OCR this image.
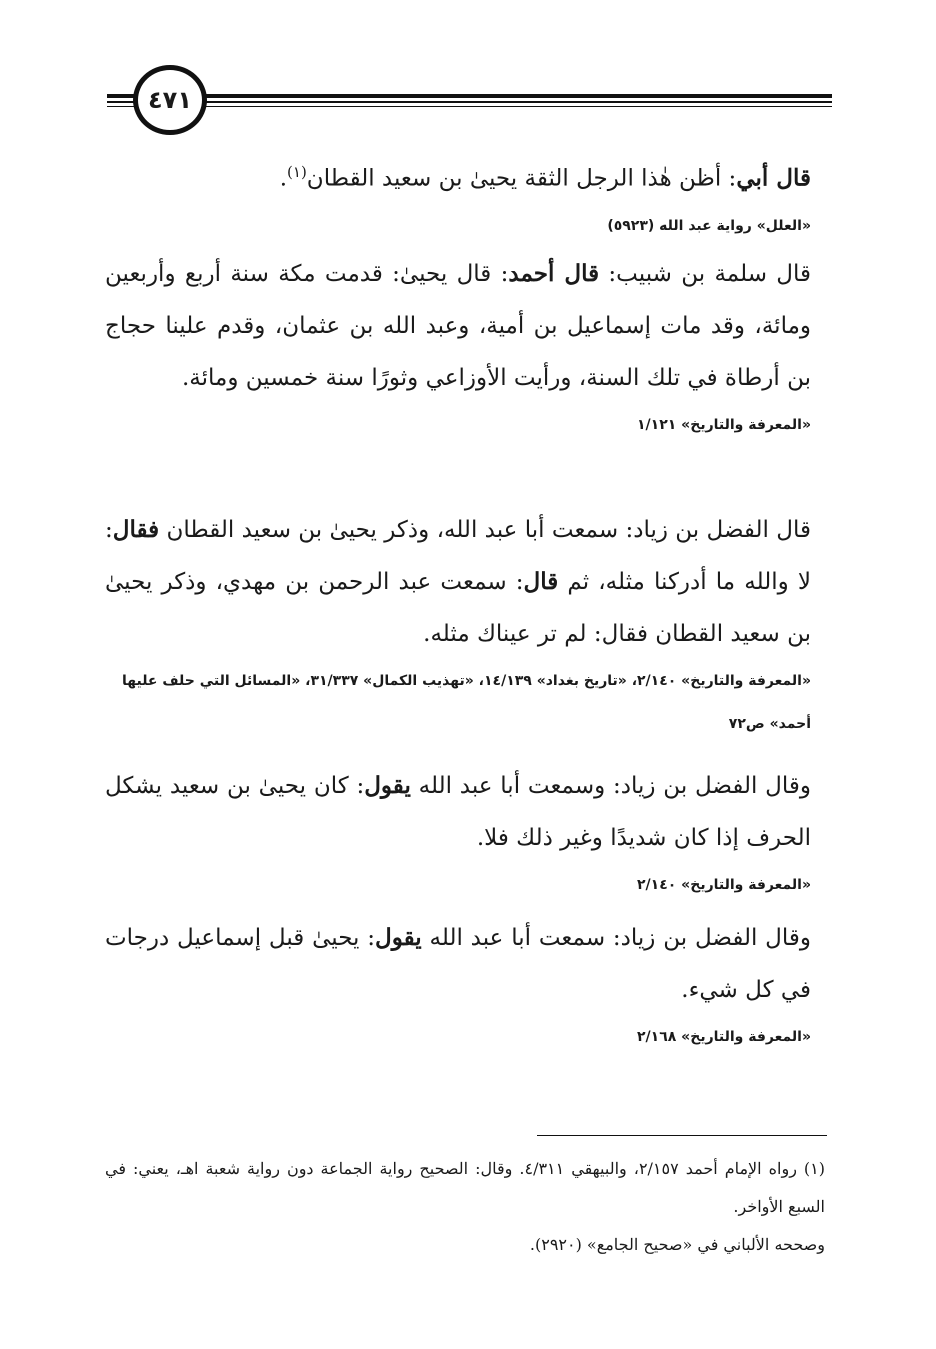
٤٧١

قال أبي: أظن هٰذا الرجل الثقة يحيىٰ بن سعيد القطان$^{(١)}$.

«العلل» رواية عبد الله (٥٩٢٣)

قال سلمة بن شبيب: قال أحمد: قال يحيىٰ: قدمت مكة سنة أربع وأربعين ومائة، وقد مات إسماعيل بن أمية، وعبد الله بن عثمان، وقدم علينا حجاج بن أرطاة في تلك السنة، ورأيت الأوزاعي وثورًا سنة خمسين ومائة.

«المعرفة والتاريخ» ١/١٢١

قال الفضل بن زياد: سمعت أبا عبد الله، وذكر يحيىٰ بن سعيد القطان فقال: لا والله ما أدركنا مثله، ثم قال: سمعت عبد الرحمن بن مهدي، وذكر يحيىٰ بن سعيد القطان فقال: لم تر عيناك مثله.

«المعرفة والتاريخ» ٢/١٤٠، «تاريخ بغداد» ١٤/١٣٩، «تهذيب الكمال» ٣١/٣٣٧، «المسائل التي حلف عليها أحمد» ص٧٢

وقال الفضل بن زياد: وسمعت أبا عبد الله يقول: كان يحيىٰ بن سعيد يشكل الحرف إذا كان شديدًا وغير ذلك فلا.

«المعرفة والتاريخ» ٢/١٤٠

وقال الفضل بن زياد: سمعت أبا عبد الله يقول: يحيىٰ قبل إسماعيل درجات في كل شيء.

«المعرفة والتاريخ» ٢/١٦٨

(١) رواه الإمام أحمد ٢/١٥٧، والبيهقي ٤/٣١١. وقال: الصحيح رواية الجماعة دون رواية شعبة اهـ، يعني: في السبع الأواخر.

وصححه الألباني في «صحيح الجامع» (٢٩٢٠).
